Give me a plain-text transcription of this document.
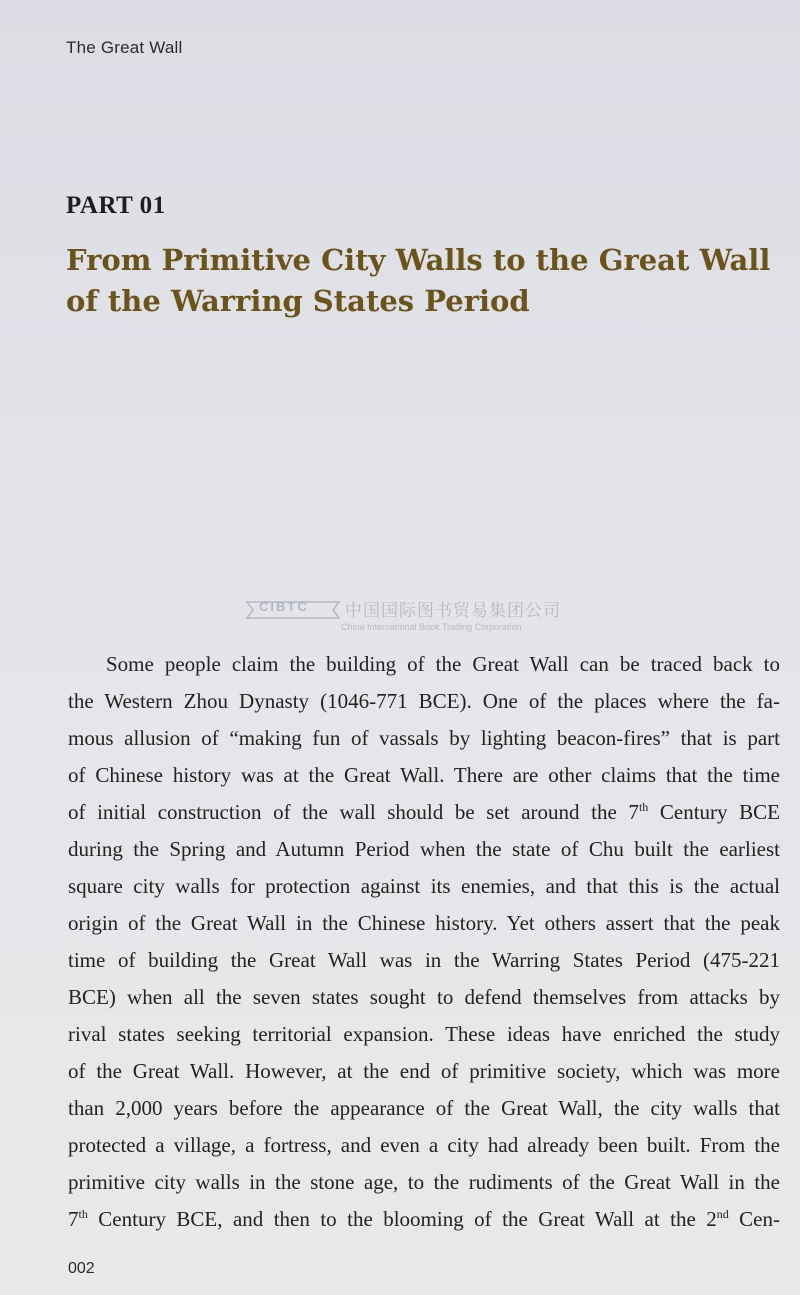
The Great Wall
PART 01
From Primitive City Walls to the Great Wall of the Warring States Period
CIBTC 中国国际图书贸易集团公司
China International Book Trading Corporation
Some people claim the building of the Great Wall can be traced back to
the Western Zhou Dynasty (1046-771 BCE). One of the places where the fa-
mous allusion of “making fun of vassals by lighting beacon-fires” that is part
of Chinese history was at the Great Wall. There are other claims that the time
of initial construction of the wall should be set around the 7th Century BCE
during the Spring and Autumn Period when the state of Chu built the earliest
square city walls for protection against its enemies, and that this is the actual
origin of the Great Wall in the Chinese history. Yet others assert that the peak
time of building the Great Wall was in the Warring States Period (475-221
BCE) when all the seven states sought to defend themselves from attacks by
rival states seeking territorial expansion. These ideas have enriched the study
of the Great Wall. However, at the end of primitive society, which was more
than 2,000 years before the appearance of the Great Wall, the city walls that
protected a village, a fortress, and even a city had already been built. From the
primitive city walls in the stone age, to the rudiments of the Great Wall in the
7th Century BCE, and then to the blooming of the Great Wall at the 2nd Cen-
002
